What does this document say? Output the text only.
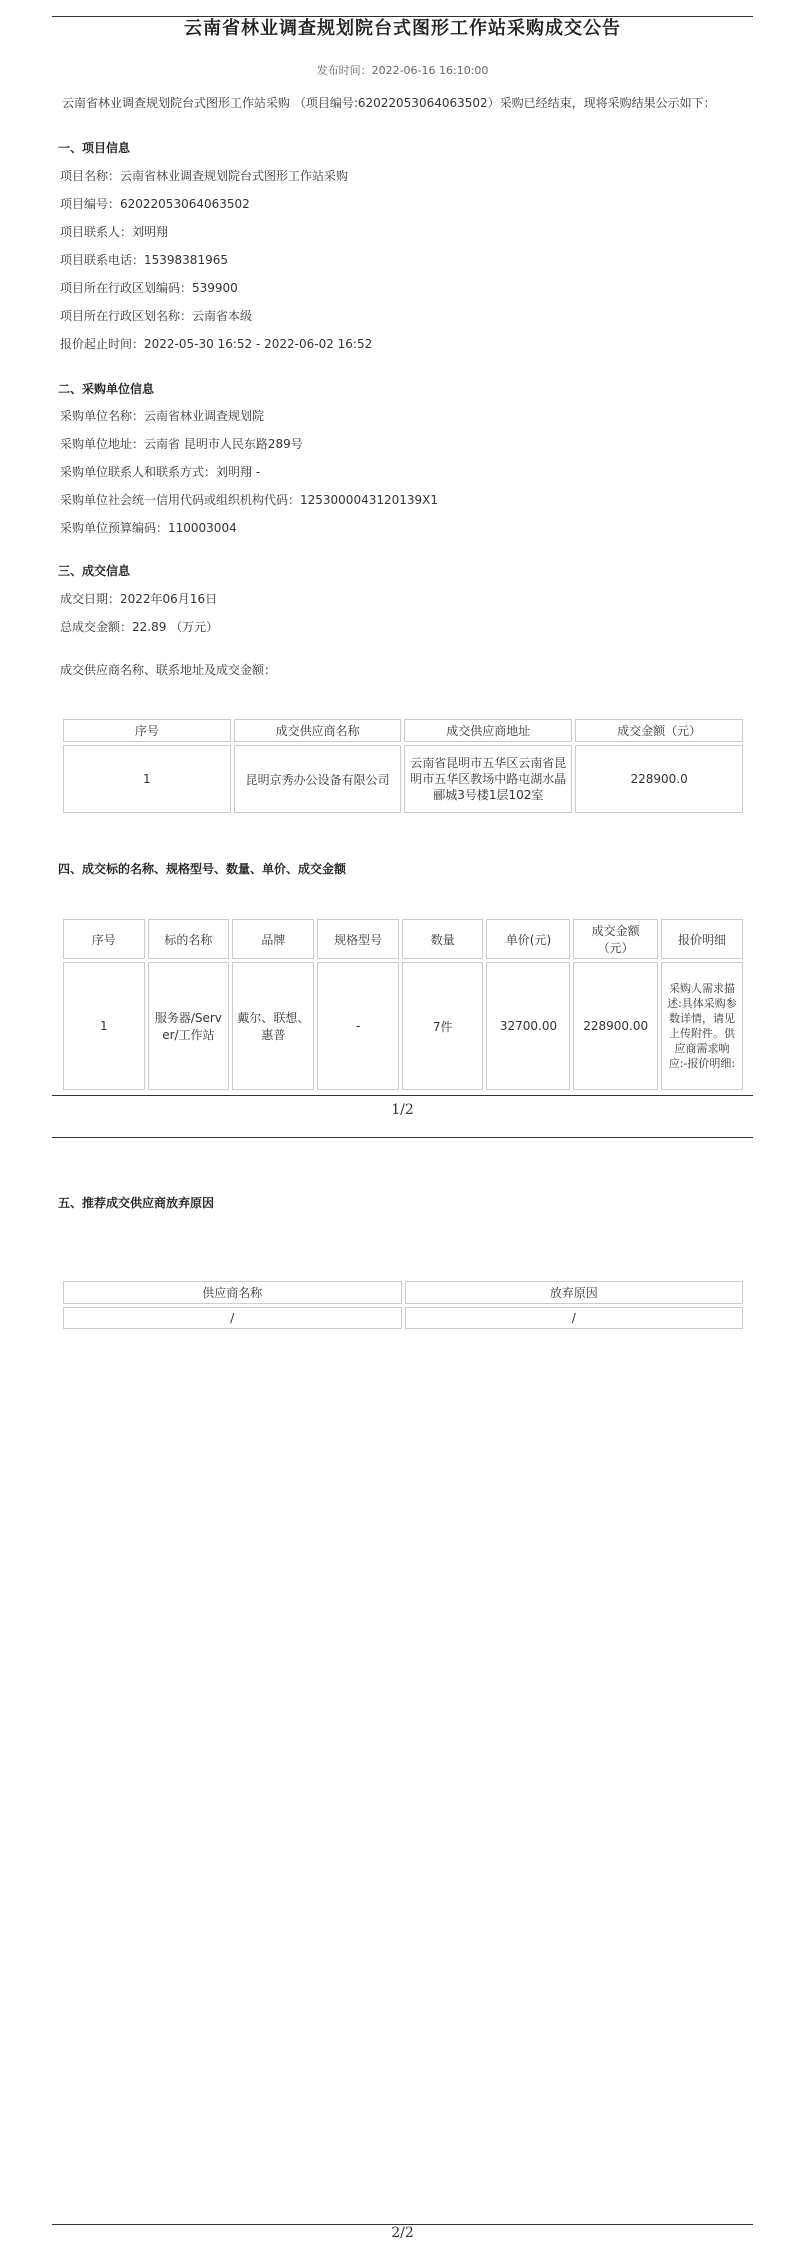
云南省林业调查规划院台式图形工作站采购成交公告
发布时间：2022-06-16 16:10:00
云南省林业调查规划院台式图形工作站采购 （项目编号:62022053064063502）采购已经结束，现将采购结果公示如下：
一、项目信息
项目名称：云南省林业调查规划院台式图形工作站采购
项目编号：62022053064063502
项目联系人：刘明翔
项目联系电话：15398381965
项目所在行政区划编码：539900
项目所在行政区划名称：云南省本级
报价起止时间：2022-05-30 16:52 - 2022-06-02 16:52
二、采购单位信息
采购单位名称：云南省林业调查规划院
采购单位地址：云南省 昆明市人民东路289号
采购单位联系人和联系方式：刘明翔 -
采购单位社会统一信用代码或组织机构代码：12530000431201​39X1
采购单位预算编码：110003004
三、成交信息
成交日期：2022年06月16日
总成交金额：22.89 （万元）
成交供应商名称、联系地址及成交金额：
序号	成交供应商名称	成交供应商地址	成交金额（元）
1	昆明京秀办公设备有限公司	云南省昆明市五华区云南省昆明市五华区教场中路屯湖水晶郦城3号楼1层102室	228900.0
四、成交标的名称、规格型号、数量、单价、成交金额
序号	标的名称	品牌	规格型号	数量	单价(元)	成交金额（元）	报价明细
1	服务器/Server/工作站	戴尔、联想、惠普	-	7件	32700.00	228900.00	采购人需求描述:具体采购参数详情，请见上传附件。供应商需求响应:-报价明细:
1/2
五、推荐成交供应商放弃原因
供应商名称	放弃原因
/	/
2/2
